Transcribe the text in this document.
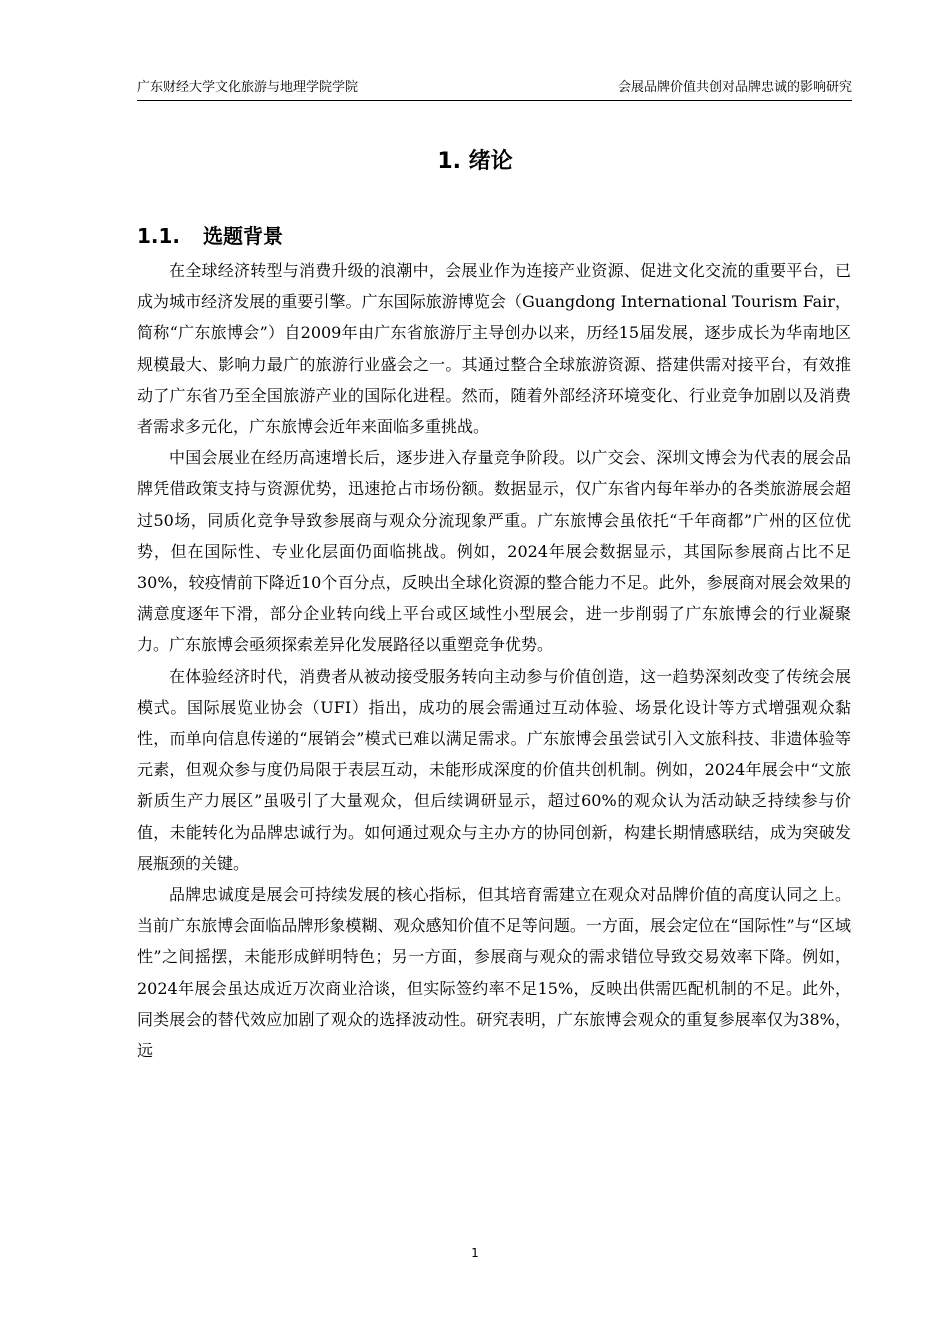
广东财经大学文化旅游与地理学院学院	会展品牌价值共创对品牌忠诚的影响研究
1. 绪论
1.1. 选题背景

在全球经济转型与消费升级的浪潮中，会展业作为连接产业资源、促进文化交流的重要平台，已成为城市经济发展的重要引擎。广东国际旅游博览会（Guangdong International Tourism Fair，简称“广东旅博会”）自2009年由广东省旅游厅主导创办以来，历经15届发展，逐步成长为华南地区规模最大、影响力最广的旅游行业盛会之一。其通过整合全球旅游资源、搭建供需对接平台，有效推动了广东省乃至全国旅游产业的国际化进程。然而，随着外部经济环境变化、行业竞争加剧以及消费者需求多元化，广东旅博会近年来面临多重挑战。

中国会展业在经历高速增长后，逐步进入存量竞争阶段。以广交会、深圳文博会为代表的展会品牌凭借政策支持与资源优势，迅速抢占市场份额。数据显示，仅广东省内每年举办的各类旅游展会超过50场，同质化竞争导致参展商与观众分流现象严重。广东旅博会虽依托“千年商都”广州的区位优势，但在国际性、专业化层面仍面临挑战。例如，2024年展会数据显示，其国际参展商占比不足30%，较疫情前下降近10个百分点，反映出全球化资源的整合能力不足。此外，参展商对展会效果的满意度逐年下滑，部分企业转向线上平台或区域性小型展会，进一步削弱了广东旅博会的行业凝聚力。广东旅博会亟须探索差异化发展路径以重塑竞争优势。

在体验经济时代，消费者从被动接受服务转向主动参与价值创造，这一趋势深刻改变了传统会展模式。国际展览业协会（UFI）指出，成功的展会需通过互动体验、场景化设计等方式增强观众黏性，而单向信息传递的“展销会”模式已难以满足需求。广东旅博会虽尝试引入文旅科技、非遗体验等元素，但观众参与度仍局限于表层互动，未能形成深度的价值共创机制。例如，2024年展会中“文旅新质生产力展区”虽吸引了大量观众，但后续调研显示，超过60%的观众认为活动缺乏持续参与价值，未能转化为品牌忠诚行为。如何通过观众与主办方的协同创新，构建长期情感联结，成为突破发展瓶颈的关键。

品牌忠诚度是展会可持续发展的核心指标，但其培育需建立在观众对品牌价值的高度认同之上。当前广东旅博会面临品牌形象模糊、观众感知价值不足等问题。一方面，展会定位在“国际性”与“区域性”之间摇摆，未能形成鲜明特色；另一方面，参展商与观众的需求错位导致交易效率下降。例如，2024年展会虽达成近万次商业洽谈，但实际签约率不足15%，反映出供需匹配机制的不足。此外，同类展会的替代效应加剧了观众的选择波动性。研究表明，广东旅博会观众的重复参展率仅为38%，远

1
